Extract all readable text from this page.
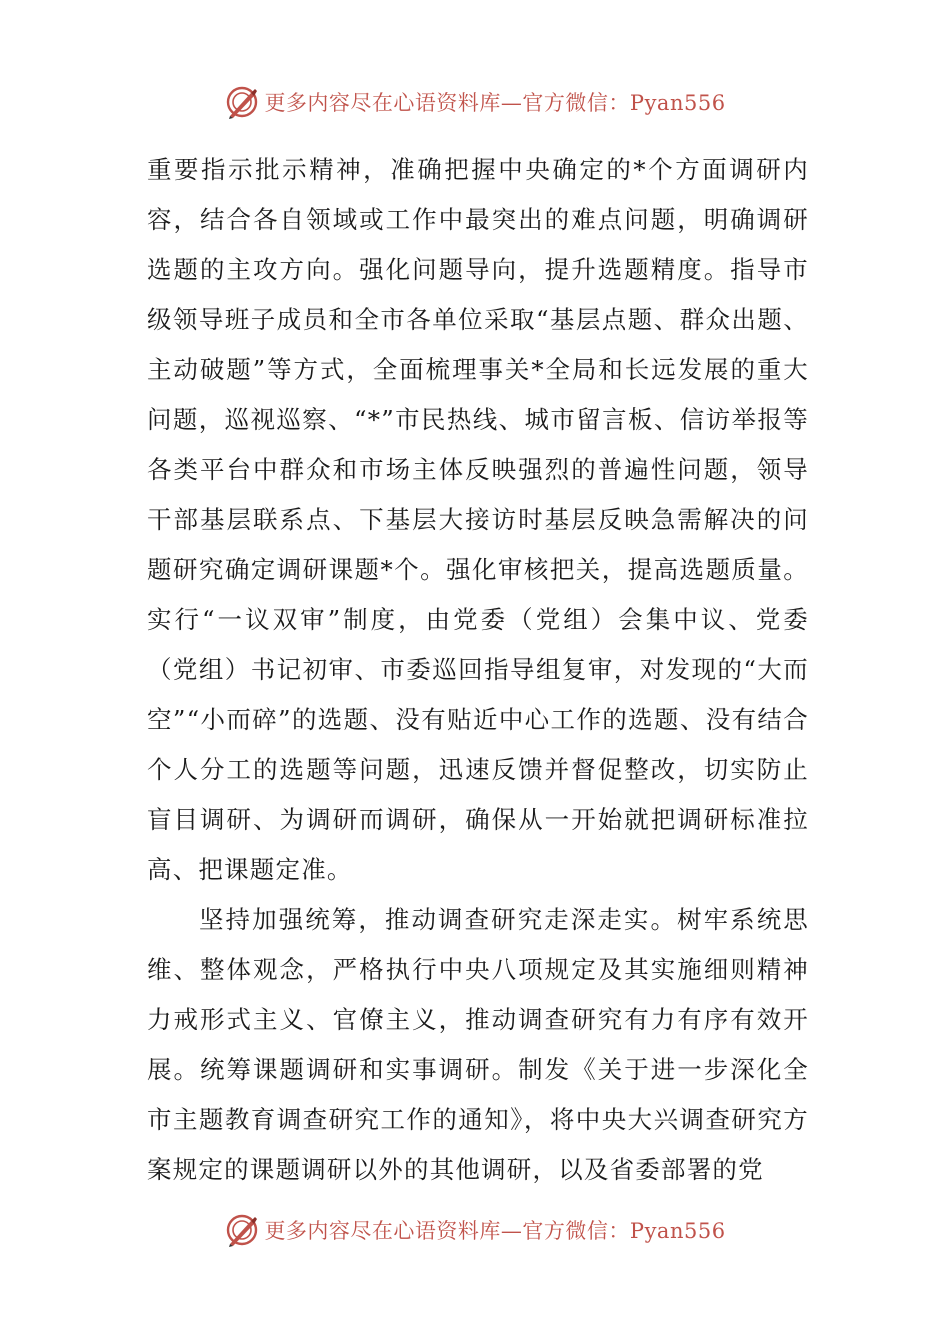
更多内容尽在心语资料库—官方微信：Pyan556

重要指示批示精神，准确把握中央确定的*个方面调研内容，结合各自领域或工作中最突出的难点问题，明确调研选题的主攻方向。强化问题导向，提升选题精度。指导市级领导班子成员和全市各单位采取“基层点题、群众出题、主动破题”等方式，全面梳理事关*全局和长远发展的重大问题，巡视巡察、“*”市民热线、城市留言板、信访举报等各类平台中群众和市场主体反映强烈的普遍性问题，领导干部基层联系点、下基层大接访时基层反映急需解决的问题研究确定调研课题*个。强化审核把关，提高选题质量。实行“一议双审”制度，由党委（党组）会集中议、党委（党组）书记初审、市委巡回指导组复审，对发现的“大而空”“小而碎”的选题、没有贴近中心工作的选题、没有结合个人分工的选题等问题，迅速反馈并督促整改，切实防止盲目调研、为调研而调研，确保从一开始就把调研标准拉高、把课题定准。

坚持加强统筹，推动调查研究走深走实。树牢系统思维、整体观念，严格执行中央八项规定及其实施细则精神力戒形式主义、官僚主义，推动调查研究有力有序有效开展。统筹课题调研和实事调研。制发《关于进一步深化全市主题教育调查研究工作的通知》，将中央大兴调查研究方案规定的课题调研以外的其他调研，以及省委部署的党

更多内容尽在心语资料库—官方微信：Pyan556
